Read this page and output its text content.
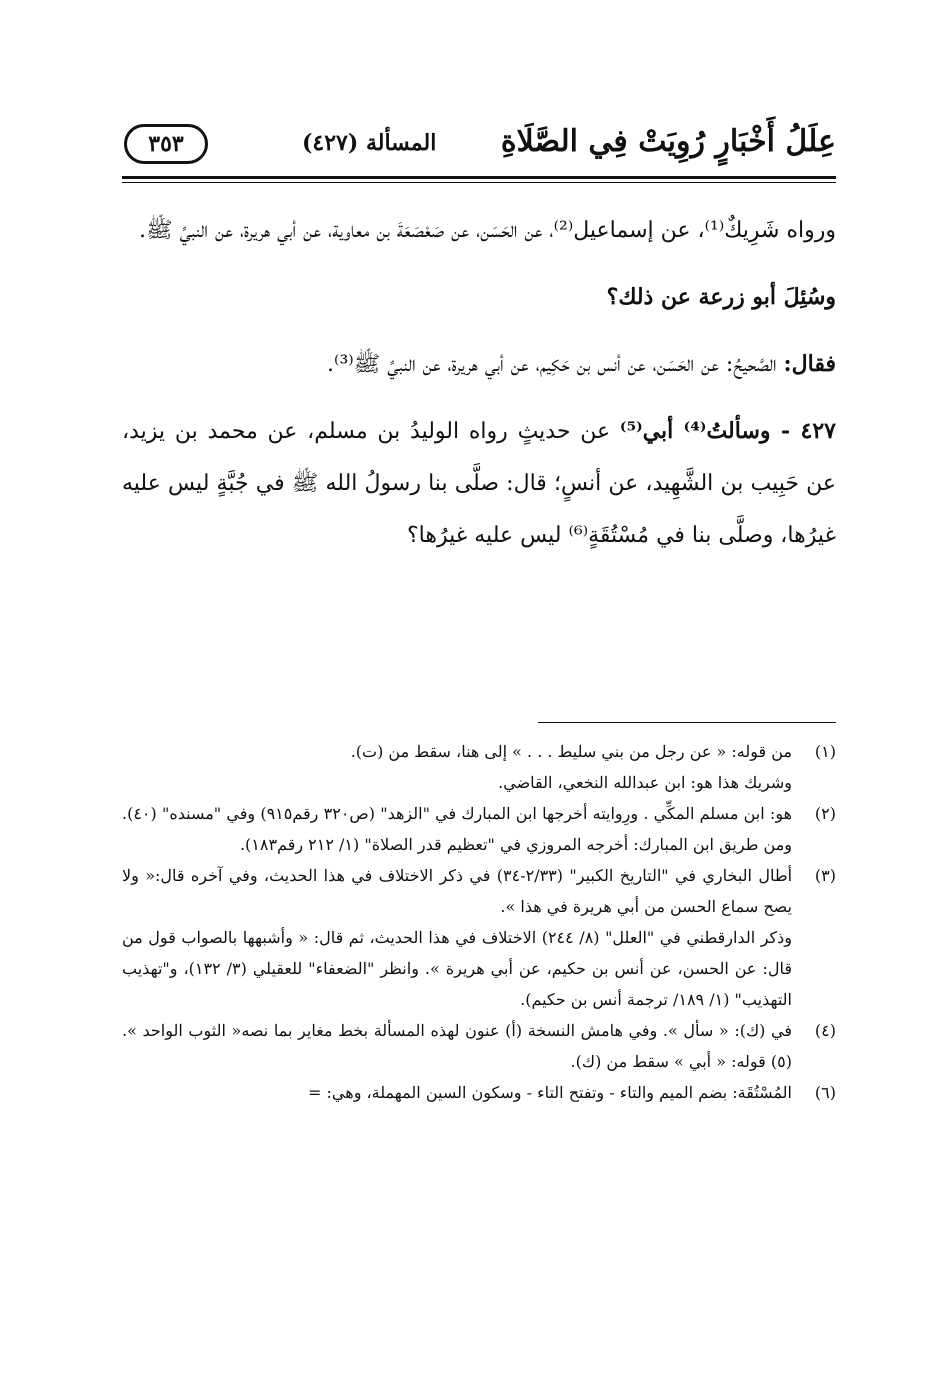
عِلَلُ أَخْبَارٍ رُوِيَتْ فِي الصَّلَاةِ
المسألة (٤٢٧)
٣٥٣

ورواه شَرِيكٌ⁽¹⁾، عن إسماعيل⁽²⁾، عن الحَسَن، عن صَعْصَعَةَ بن معاوية، عن أبي هريرة، عن النبيِّ ﷺ.

وسُئِلَ أبو زرعة عن ذلك؟

فقال: الصَّحيحُ: عن الحَسَن، عن أنس بن حَكِيم، عن أبي هريرة، عن النبيِّ ﷺ⁽³⁾.

٤٢٧ - وسألتُ⁽⁴⁾ أبي⁽⁵⁾ عن حديثٍ رواه الوليدُ بن مسلم، عن محمد بن يزيد، عن حَبِيب بن الشَّهِيد، عن أنسٍ؛ قال: صلَّى بنا رسولُ الله ﷺ في جُبَّةٍ ليس عليه غيرُها، وصلَّى بنا في مُسْتُقَةٍ⁽⁶⁾ ليس عليه غيرُها؟

(١)
من قوله: « عن رجل من بني سليط . . . » إلى هنا، سقط من (ت).
وشريك هذا هو: ابن عبدالله النخعي، القاضي.
(٢)
هو: ابن مسلم المكِّي . ورِوايته أخرجها ابن المبارك في "الزهد" (ص٣٢٠ رقم٩١٥) وفي "مسنده" (٤٠). ومن طريق ابن المبارك: أخرجه المروزي في "تعظيم قدر الصلاة" (١/ ٢١٢ رقم١٨٣).
(٣)
أطال البخاري في "التاريخ الكبير" (٢/٣٣-٣٤) في ذكر الاختلاف في هذا الحديث، وفي آخره قال:« ولا يصح سماع الحسن من أبي هريرة في هذا ».
وذكر الدارقطني في "العلل" (٨/ ٢٤٤) الاختلاف في هذا الحديث، ثم قال: « وأشبهها بالصواب قول من قال: عن الحسن، عن أنس بن حكيم، عن أبي هريرة ». وانظر "الضعفاء" للعقيلي (٣/ ١٣٢)، و"تهذيب التهذيب" (١/ ١٨٩/ ترجمة أنس بن حكيم).
(٤)
في (ك): « سأل ». وفي هامش النسخة (أ) عنون لهذه المسألة بخط مغاير بما نصه« الثوب الواحد ». (٥) قوله: « أبي » سقط من (ك).
(٦)
المُسْتُقَة: بضم الميم والتاء - وتفتح التاء - وسكون السين المهملة، وهي: =
